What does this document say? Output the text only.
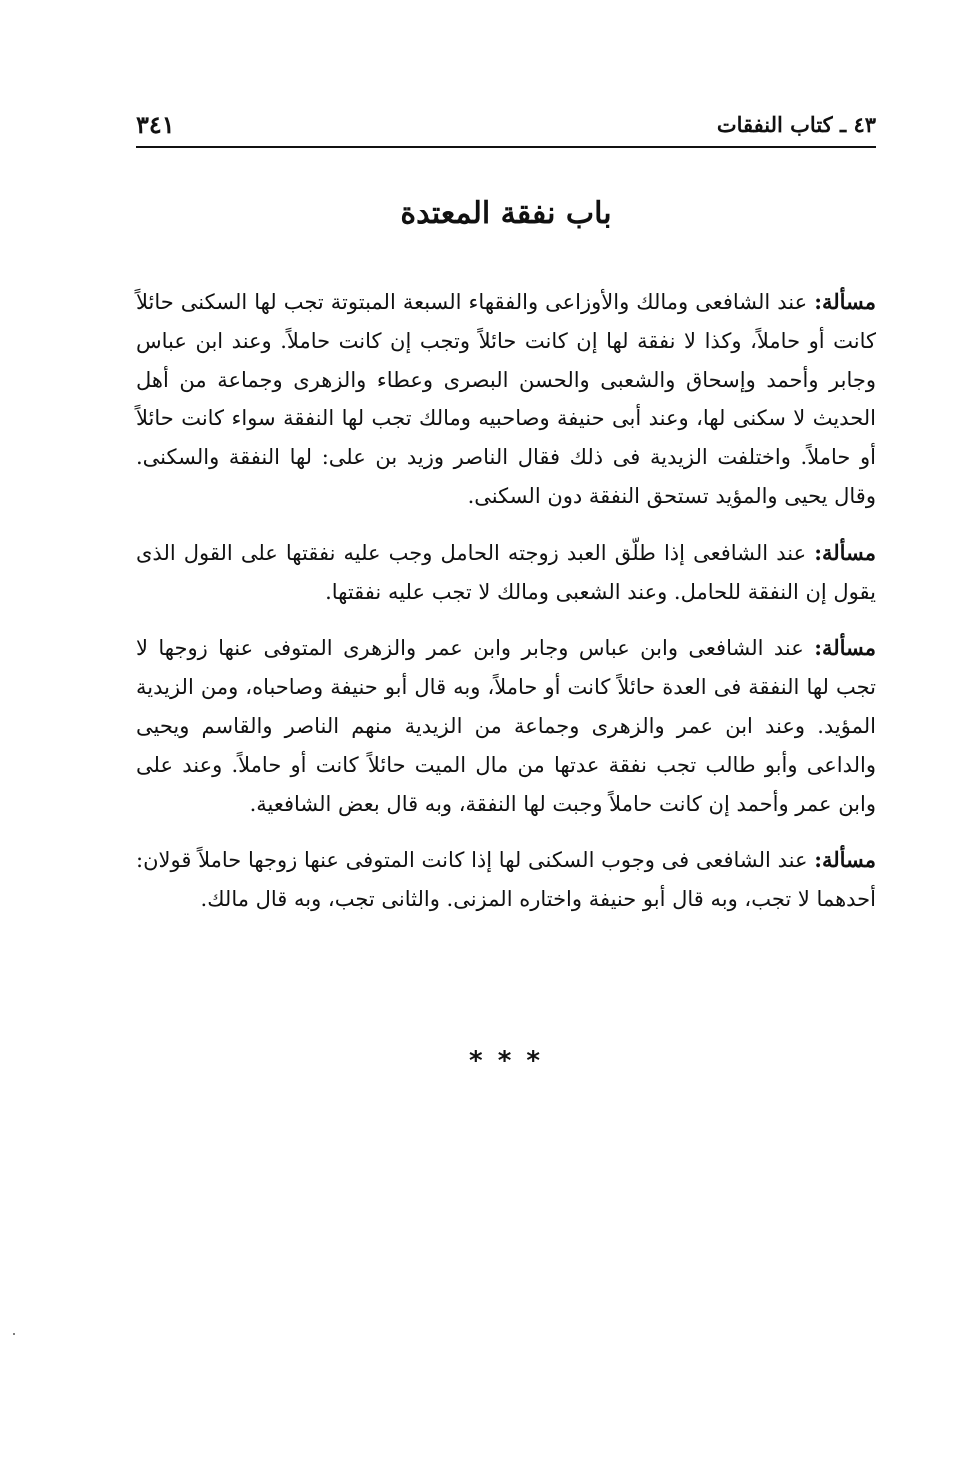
٤٣ ـ كتاب النفقات
٣٤١
باب نفقة المعتدة

مسألة: عند الشافعى ومالك والأوزاعى والفقهاء السبعة المبتوتة تجب لها السكنى حائلاً كانت أو حاملاً، وكذا لا نفقة لها إن كانت حائلاً وتجب إن كانت حاملاً. وعند ابن عباس وجابر وأحمد وإسحاق والشعبى والحسن البصرى وعطاء والزهرى وجماعة من أهل الحديث لا سكنى لها، وعند أبى حنيفة وصاحبيه ومالك تجب لها النفقة سواء كانت حائلاً أو حاملاً. واختلفت الزيدية فى ذلك فقال الناصر وزيد بن على: لها النفقة والسكنى. وقال يحيى والمؤيد تستحق النفقة دون السكنى.

مسألة: عند الشافعى إذا طلّق العبد زوجته الحامل وجب عليه نفقتها على القول الذى يقول إن النفقة للحامل. وعند الشعبى ومالك لا تجب عليه نفقتها.

مسألة: عند الشافعى وابن عباس وجابر وابن عمر والزهرى المتوفى عنها زوجها لا تجب لها النفقة فى العدة حائلاً كانت أو حاملاً، وبه قال أبو حنيفة وصاحباه، ومن الزيدية المؤيد. وعند ابن عمر والزهرى وجماعة من الزيدية منهم الناصر والقاسم ويحيى والداعى وأبو طالب تجب نفقة عدتها من مال الميت حائلاً كانت أو حاملاً. وعند على وابن عمر وأحمد إن كانت حاملاً وجبت لها النفقة، وبه قال بعض الشافعية.

مسألة: عند الشافعى فى وجوب السكنى لها إذا كانت المتوفى عنها زوجها حاملاً قولان: أحدهما لا تجب، وبه قال أبو حنيفة واختاره المزنى. والثانى تجب، وبه قال مالك.

* * *
